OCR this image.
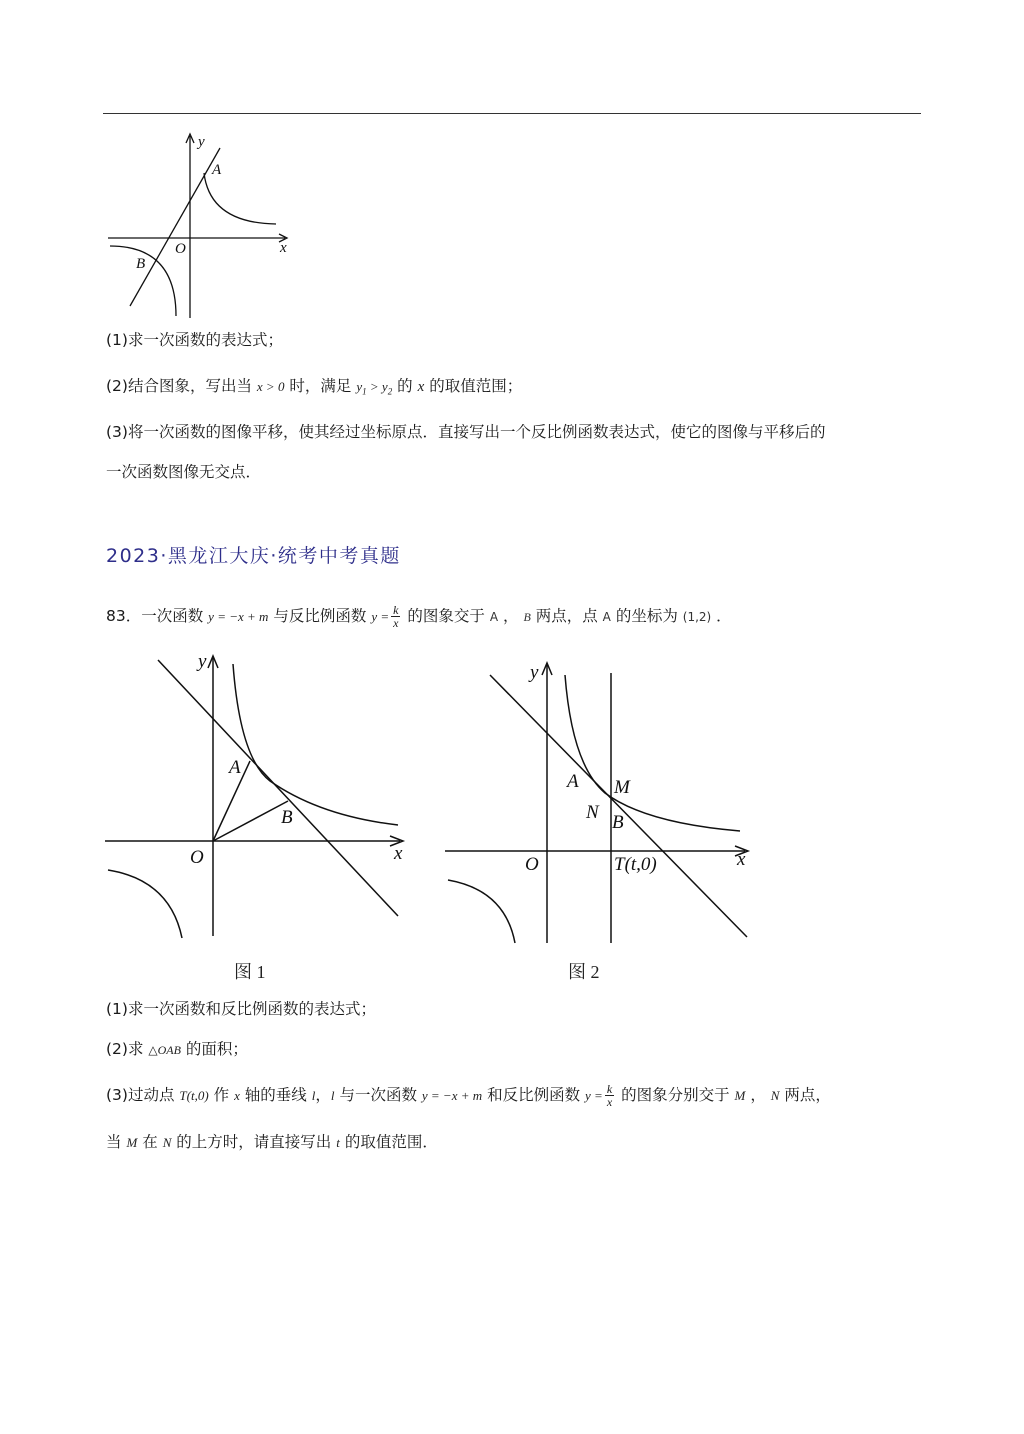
y
x
O
A
B
(1)求一次函数的表达式；
(2)结合图象，写出当 x > 0 时，满足 $y_1 > y_2$ 的 x 的取值范围；
(3)将一次函数的图像平移，使其经过坐标原点．直接写出一个反比例函数表达式，使它的图像与平移后的
一次函数图像无交点．
2023·黑龙江大庆·统考中考真题
83．一次函数 y = −x + m 与反比例函数 $y = \frac{k}{x}$ 的图象交于 A ， B 两点，点 A 的坐标为 (1,2) ．
y
x
O
A
B
图 1
y
x
O
A M
N B
T(t,0)
图 2
(1)求一次函数和反比例函数的表达式；
(2)求 △OAB 的面积；
(3)过动点 T(t,0) 作 x 轴的垂线 l，l 与一次函数 y = −x + m 和反比例函数 $y = \frac{k}{x}$ 的图象分别交于 M ， N 两点，
当 M 在 N 的上方时，请直接写出 t 的取值范围．
